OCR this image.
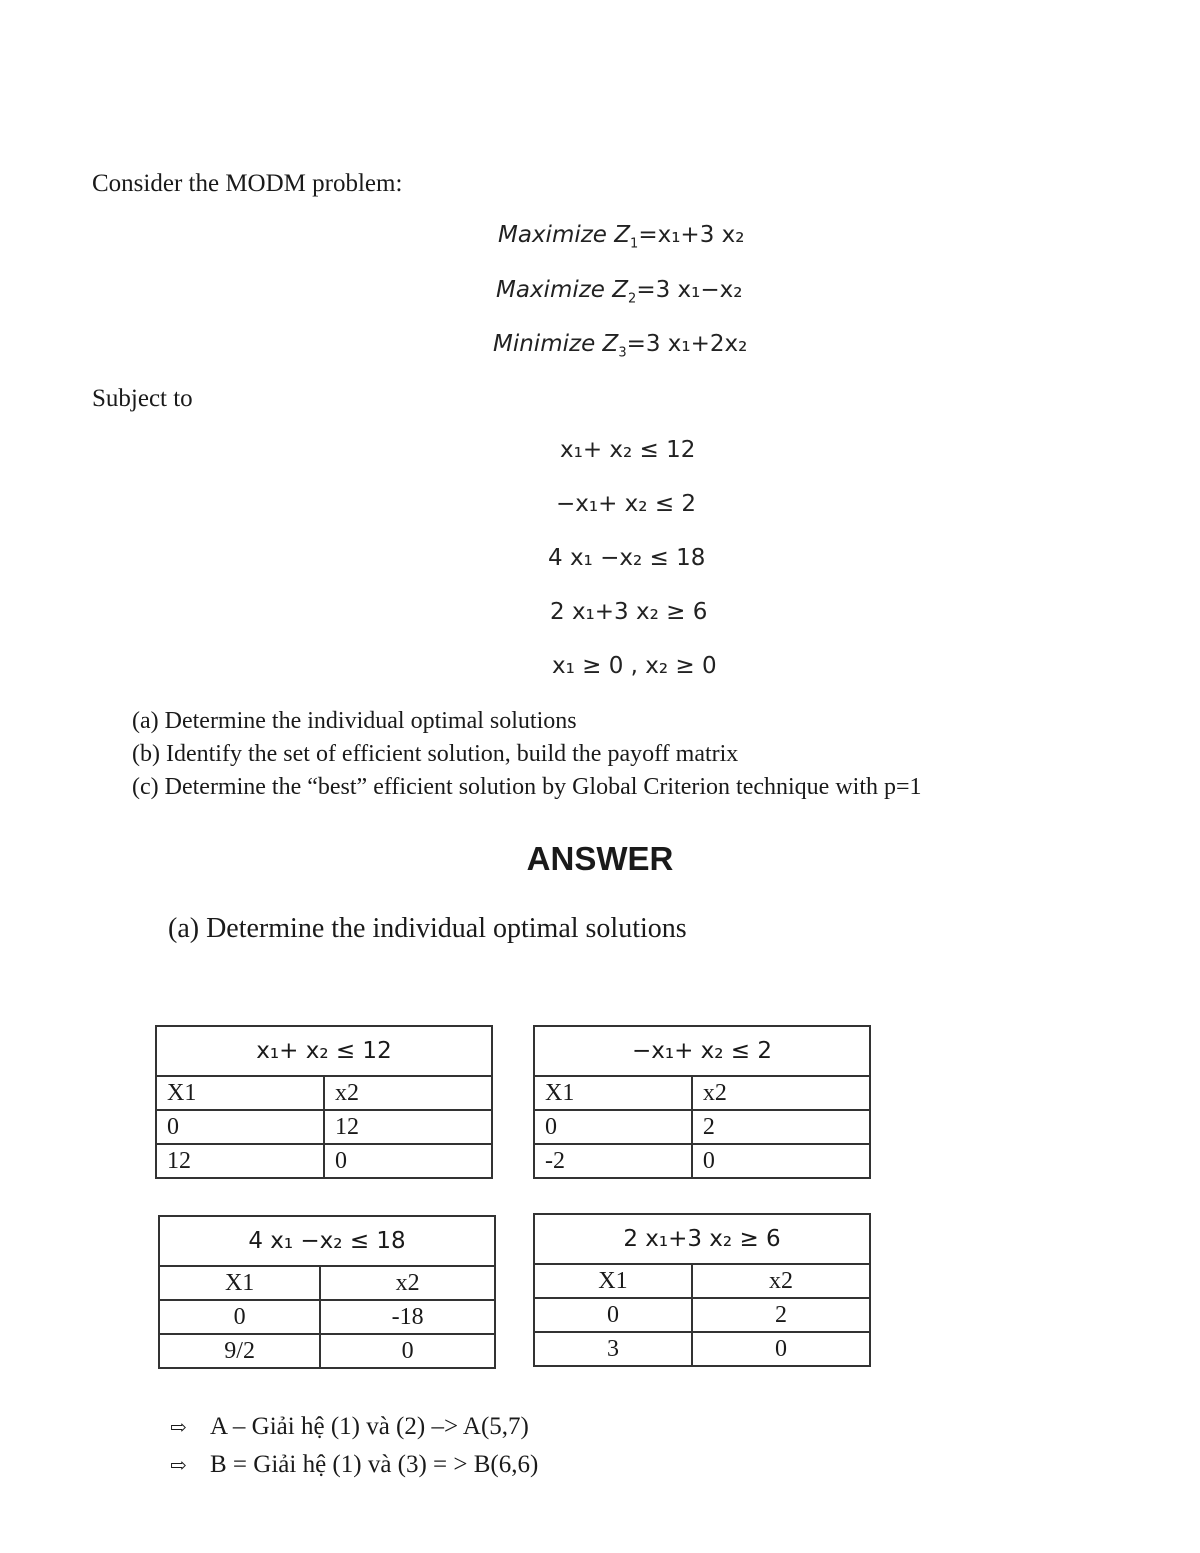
Consider the MODM problem:
Maximize $Z_1=x_1+3$ x₂
Maximize $Z_2=3$ x₁−x₂
Minimize $Z_3=3$ x₁+2x₂
Subject to
x₁+ x₂ ≤ 12
−x₁+ x₂ ≤ 2
4 x₁ −x₂ ≤ 18
2 x₁+3 x₂ ≥ 6
x₁ ≥ 0 , x₂ ≥ 0
(a) Determine the individual optimal solutions
(b) Identify the set of efficient solution, build the payoff matrix
(c) Determine the “best” efficient solution by Global Criterion technique with p=1
ANSWER
(a) Determine the individual optimal solutions
x₁+ x₂ ≤ 12	
X1	x2
0	12
12	0
−x₁+ x₂ ≤ 2	
X1	x2
0	2
-2	0
4 x₁ −x₂ ≤ 18	
X1	x2
0	-18
9/2	0
2 x₁+3 x₂ ≥ 6	
X1	x2
0	2
3	0
⇨ A – Giải hệ (1) và (2) –> A(5,7)
⇨ B = Giải hệ (1) và (3) = > B(6,6)
